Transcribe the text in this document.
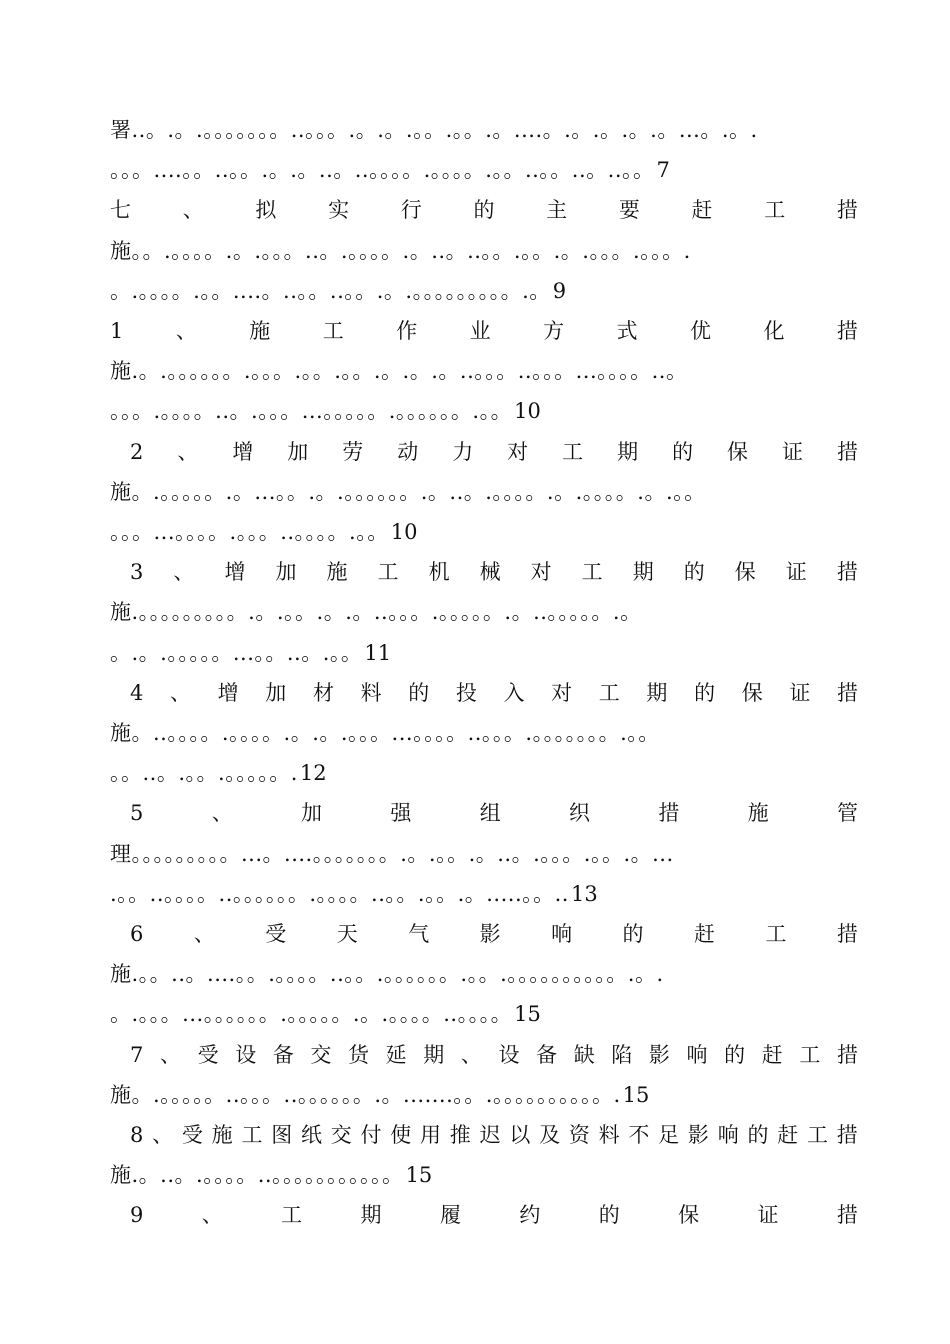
署..。.。.。。。。。。。..。。。.。.。.。。.。。.。....。.。.。.。.。...。.。.
。。。....。。..。。.。.。..。..。。。。.。。。。.。。..。。..。..。。7
七 、 拟 实 行 的 主 要 赶 工 措
施。。.。。。。.。.。。。..。.。。。。.。..。..。。.。。.。.。。。.。。。.
。.。。。。.。。....。..。。..。。.。.。。。。。。。。。.。9
1 、 施 工 作 业 方 式 优 化 措
施.。.。。。。。。.。。。.。。.。。.。.。.。..。。。..。。。...。。。。..。
。。。.。。。。..。.。。。...。。。。。.。。。。。。.。。10
2 、 增 加 劳 动 力 对 工 期 的 保 证 措
施。.。。。。。.。...。。.。.。。。。。。.。..。.。。。。.。.。。。。.。.。。
。。。...。。。。.。。。..。。。。.。。10
3 、 增 加 施 工 机 械 对 工 期 的 保 证 措
施.。。。。。。。。。.。.。。.。.。..。。。.。。。。。.。..。。。。。.。
。.。.。。。。。...。。..。.。。11
4 、 增 加 材 料 的 投 入 对 工 期 的 保 证 措
施。..。。。。.。。。。.。.。.。。。...。。。。..。。。.。。。。。。。.。。
。。..。.。。.。。。。。.12
5	、	加	强	组	织	措	施	管
理。。。。。。。。。...。....。。。。。。。.。.。。.。..。.。。。.。。.。...
.。。..。。。。..。。。。。。.。。。。..。。.。。.。.....。。..13
6 、 受 天 气 影 响 的 赶 工 措
施.。。..。....。。.。。。。..。。.。。。。。。.。。.。。。。。。。。。。.。.
。.。。。...。。。。。。.。。。。。.。.。。。。..。。。。15
7 、 受 设 备 交 货 延 期 、 设 备 缺 陷 影 响 的 赶 工 措
施。.。。。。。..。。。..。。。。。。.。.......。。.。。。。。。。。。。.15
8 、 受 施 工 图 纸 交 付 使 用 推 迟 以 及 资 料 不 足 影 响 的 赶 工 措
施.。..。.。。。。..。。。。。。。。。。。15
9	、	工	期	履	约	的	保	证	措
